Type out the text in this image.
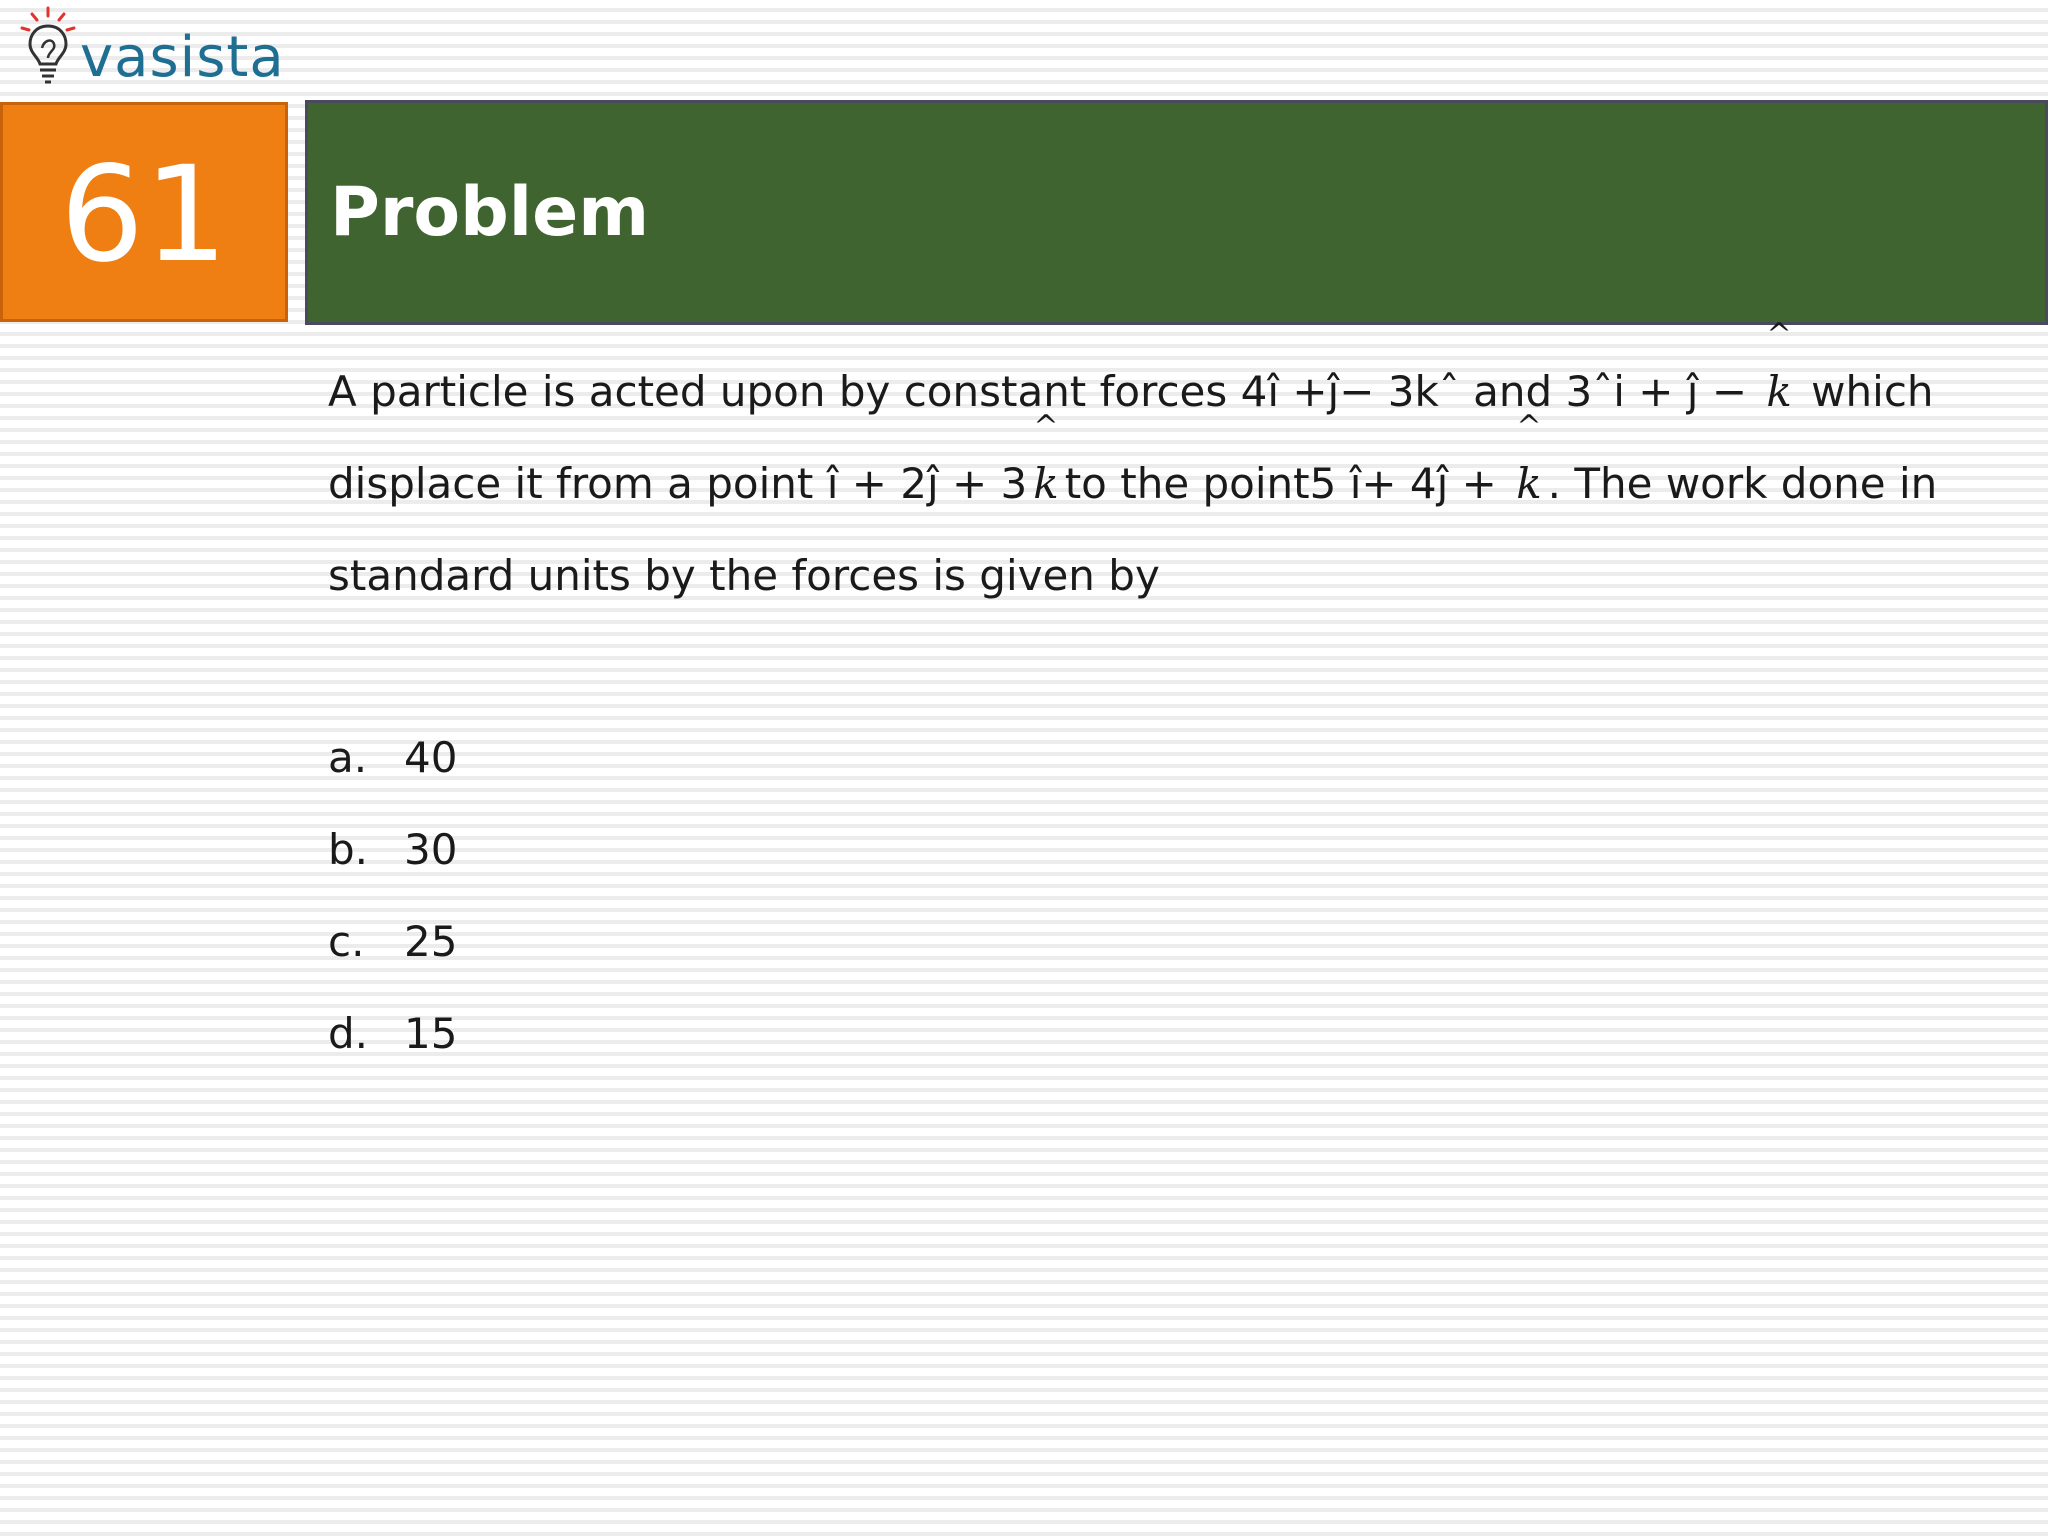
vasista
61 Problem
A particle is acted upon by constant forces 4î +ĵ− 3kˆ and 3ˆi + ĵ −
^
k which
displace it from a point î + 2ĵ + 3
^
k to the point5 î+ 4ĵ +
^
k . The work done in
standard units by the forces is given by
a. 40
b. 30
c. 25
d. 15
